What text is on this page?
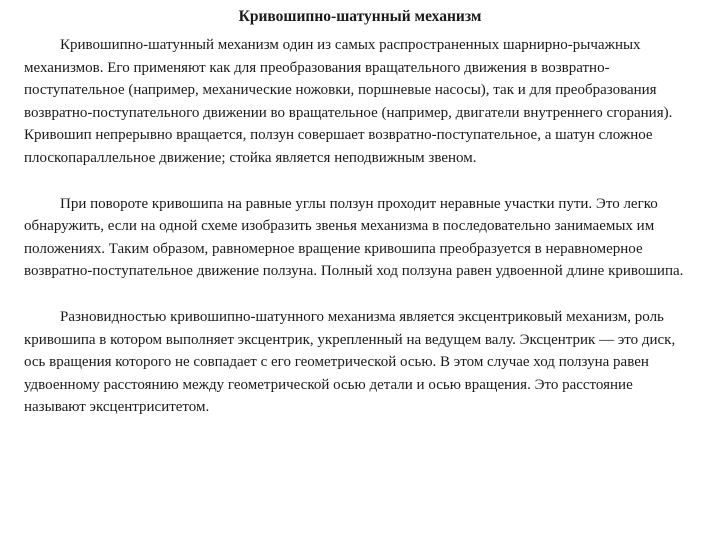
Кривошипно-шатунный механизм

Кривошипно-шатунный механизм один из самых распространенных шарнирно-рычажных механизмов. Его применяют как для преобразования вращательного движения в возвратно-поступательное (например, механические ножовки, поршневые насосы), так и для преобразования возвратно-поступательного движении во вращательное (например, двигатели внутреннего сгорания). Кривошип непрерывно вращается, ползун совершает возвратно-поступательное, а шатун сложное плоскопараллельное движение; стойка является неподвижным звеном.

При повороте кривошипа на равные углы ползун проходит неравные участки пути. Это легко обнаружить, если на одной схеме изобразить звенья механизма в последовательно занимаемых им положениях. Таким образом, равномерное вращение кривошипа преобразуется в неравномерное возвратно-поступательное движение ползуна. Полный ход ползуна равен удвоенной длине кривошипа.

Разновидностью кривошипно-шатунного механизма является эксцентриковый механизм, роль кривошипа в котором выполняет эксцентрик, укрепленный на ведущем валу. Эксцентрик — это диск, ось вращения которого не совпадает с его геометрической осью. В этом случае ход ползуна равен удвоенному расстоянию между геометрической осью детали и осью вращения. Это расстояние называют эксцентриситетом.
